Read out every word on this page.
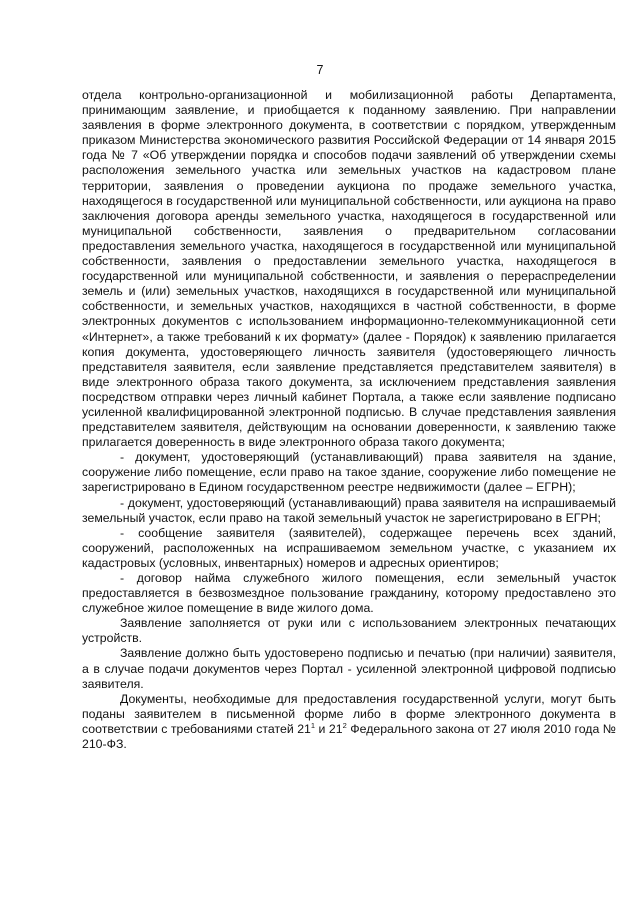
7

отдела контрольно-организационной и мобилизационной работы Департамента, принимающим заявление, и приобщается к поданному заявлению. При направлении заявления в форме электронного документа, в соответствии с порядком, утвержденным приказом Министерства экономического развития Российской Федерации от 14 января 2015 года № 7 «Об утверждении порядка и способов подачи заявлений об утверждении схемы расположения земельного участка или земельных участков на кадастровом плане территории, заявления о проведении аукциона по продаже земельного участка, находящегося в государственной или муниципальной собственности, или аукциона на право заключения договора аренды земельного участка, находящегося в государственной или муниципальной собственности, заявления о предварительном согласовании предоставления земельного участка, находящегося в государственной или муниципальной собственности, заявления о предоставлении земельного участка, находящегося в государственной или муниципальной собственности, и заявления о перераспределении земель и (или) земельных участков, находящихся в государственной или муниципальной собственности, и земельных участков, находящихся в частной собственности, в форме электронных документов с использованием информационно-телекоммуникационной сети «Интернет», а также требований к их формату» (далее - Порядок) к заявлению прилагается копия документа, удостоверяющего личность заявителя (удостоверяющего личность представителя заявителя, если заявление представляется представителем заявителя) в виде электронного образа такого документа, за исключением представления заявления посредством отправки через личный кабинет Портала, а также если заявление подписано усиленной квалифицированной электронной подписью. В случае представления заявления представителем заявителя, действующим на основании доверенности, к заявлению также прилагается доверенность в виде электронного образа такого документа;

- документ, удостоверяющий (устанавливающий) права заявителя на здание, сооружение либо помещение, если право на такое здание, сооружение либо помещение не зарегистрировано в Едином государственном реестре недвижимости (далее – ЕГРН);

- документ, удостоверяющий (устанавливающий) права заявителя на испрашиваемый земельный участок, если право на такой земельный участок не зарегистрировано в ЕГРН;

- сообщение заявителя (заявителей), содержащее перечень всех зданий, сооружений, расположенных на испрашиваемом земельном участке, с указанием их кадастровых (условных, инвентарных) номеров и адресных ориентиров;

- договор найма служебного жилого помещения, если земельный участок предоставляется в безвозмездное пользование гражданину, которому предоставлено это служебное жилое помещение в виде жилого дома.

Заявление заполняется от руки или с использованием электронных печатающих устройств.

Заявление должно быть удостоверено подписью и печатью (при наличии) заявителя, а в случае подачи документов через Портал - усиленной электронной цифровой подписью заявителя.

Документы, необходимые для предоставления государственной услуги, могут быть поданы заявителем в письменной форме либо в форме электронного документа в соответствии с требованиями статей $21^1$ и $21^2$ Федерального закона от 27 июля 2010 года № 210-ФЗ.
